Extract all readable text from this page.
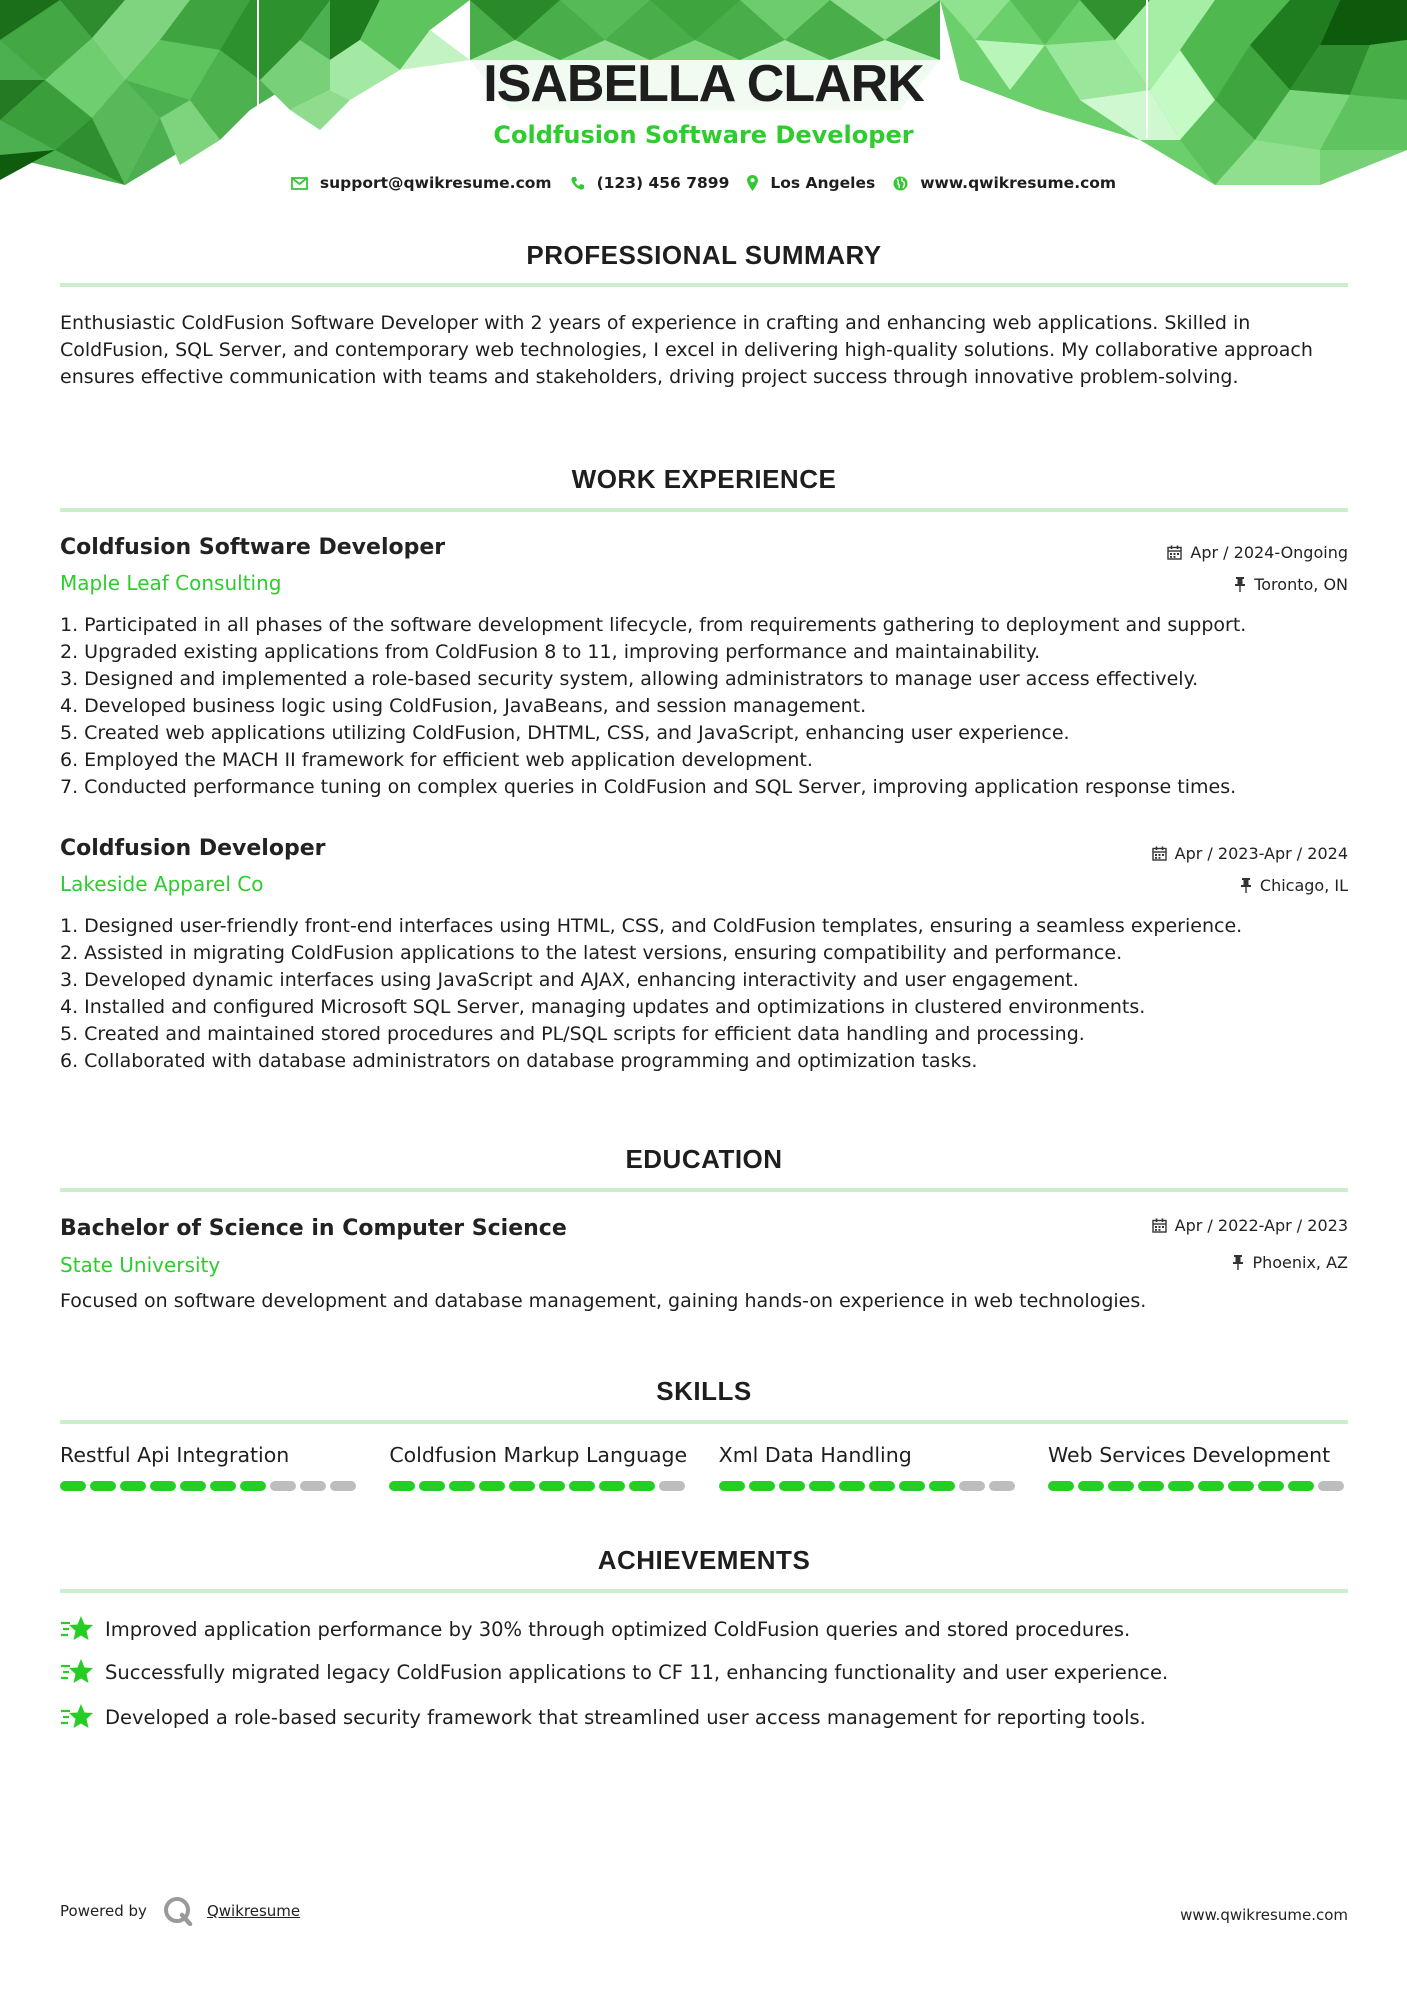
ISABELLA CLARK
Coldfusion Software Developer
support@qwikresume.com	(123) 456 7899	Los Angeles	www.qwikresume.com
PROFESSIONAL SUMMARY
Enthusiastic ColdFusion Software Developer with 2 years of experience in crafting and enhancing web applications. Skilled in ColdFusion, SQL Server, and contemporary web technologies, I excel in delivering high-quality solutions. My collaborative approach ensures effective communication with teams and stakeholders, driving project success through innovative problem-solving.
WORK EXPERIENCE
Coldfusion Software Developer	Apr / 2024-Ongoing
Maple Leaf Consulting	Toronto, ON
1. Participated in all phases of the software development lifecycle, from requirements gathering to deployment and support.
2. Upgraded existing applications from ColdFusion 8 to 11, improving performance and maintainability.
3. Designed and implemented a role-based security system, allowing administrators to manage user access effectively.
4. Developed business logic using ColdFusion, JavaBeans, and session management.
5. Created web applications utilizing ColdFusion, DHTML, CSS, and JavaScript, enhancing user experience.
6. Employed the MACH II framework for efficient web application development.
7. Conducted performance tuning on complex queries in ColdFusion and SQL Server, improving application response times.
Coldfusion Developer	Apr / 2023-Apr / 2024
Lakeside Apparel Co	Chicago, IL
1. Designed user-friendly front-end interfaces using HTML, CSS, and ColdFusion templates, ensuring a seamless experience.
2. Assisted in migrating ColdFusion applications to the latest versions, ensuring compatibility and performance.
3. Developed dynamic interfaces using JavaScript and AJAX, enhancing interactivity and user engagement.
4. Installed and configured Microsoft SQL Server, managing updates and optimizations in clustered environments.
5. Created and maintained stored procedures and PL/SQL scripts for efficient data handling and processing.
6. Collaborated with database administrators on database programming and optimization tasks.
EDUCATION
Bachelor of Science in Computer Science	Apr / 2022-Apr / 2023
State University	Phoenix, AZ
Focused on software development and database management, gaining hands-on experience in web technologies.
SKILLS
Restful Api Integration	Coldfusion Markup Language Xml Data Handling	Web Services Development
ACHIEVEMENTS
Improved application performance by 30% through optimized ColdFusion queries and stored procedures.
Successfully migrated legacy ColdFusion applications to CF 11, enhancing functionality and user experience.
Developed a role-based security framework that streamlined user access management for reporting tools.
Powered by	Qwikresume	www.qwikresume.com
